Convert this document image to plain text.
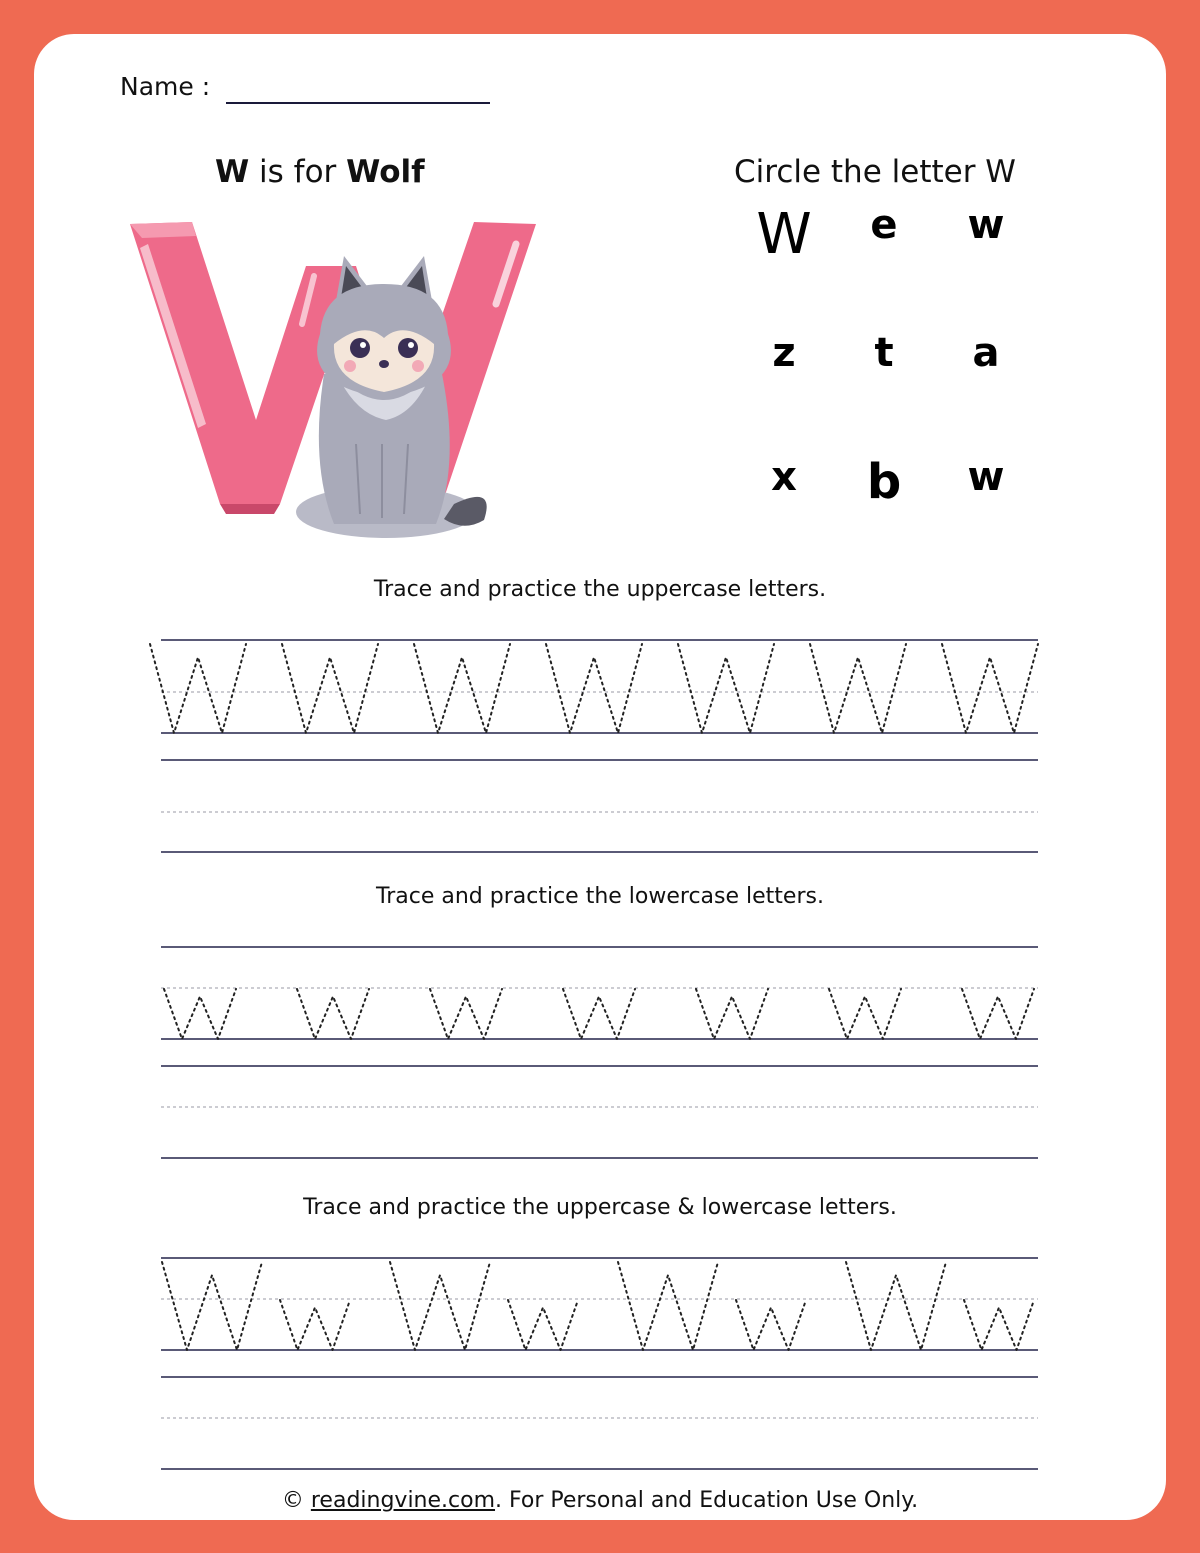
Name :
W is for Wolf	Circle the letter W
W	e	w
z	t	a
x	b	w
Trace and practice the uppercase letters.
Trace and practice the lowercase letters.
Trace and practice the uppercase & lowercase letters.
© readingvine.com. For Personal and Education Use Only.
